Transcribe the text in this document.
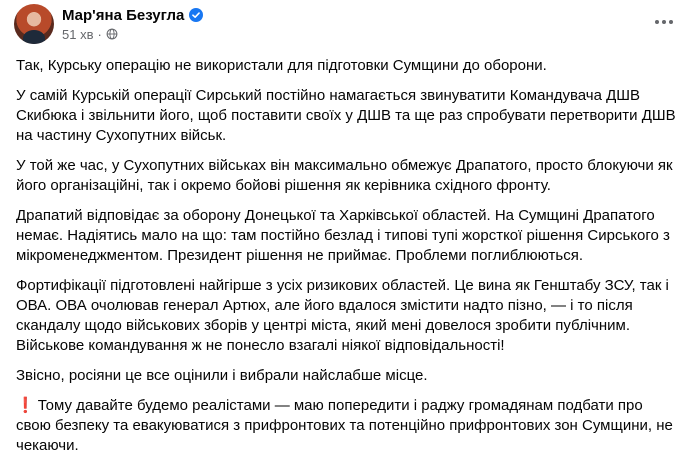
Мар'яна Безугла
51 хв ·

Так, Курську операцію не використали для підготовки Сумщини до оборони.

У самій Курській операції Сирський постійно намагається звинуватити Командувача ДШВ Скибюка і звільнити його, щоб поставити своїх у ДШВ та ще раз спробувати перетворити ДШВ на частину Сухопутних військ.

У той же час, у Сухопутних військах він максимально обмежує Драпатого, просто блокуючи як його організаційні, так і окремо бойові рішення як керівника східного фронту.

Драпатий відповідає за оборону Донецької та Харківської областей. На Сумщині Драпатого немає. Надіятись мало на що: там постійно безлад і типові тупі жорсткої рішення Сирського з мікроменеджментом. Президент рішення не приймає. Проблеми поглиблюються.

Фортифікації підготовлені найгірше з усіх ризикових областей. Це вина як Генштабу ЗСУ, так і ОВА. ОВА очолював генерал Артюх, але його вдалося змістити надто пізно, — і то після скандалу щодо військових зборів у центрі міста, який мені довелося зробити публічним. Військове командування ж не понесло взагалі ніякої відповідальності!

Звісно, росіяни це все оцінили і вибрали найслабше місце.

❗ Тому давайте будемо реалістами — маю попередити і раджу громадянам подбати про свою безпеку та евакуюватися з прифронтових та потенційно прифронтових зон Сумщини, не чекаючи.
